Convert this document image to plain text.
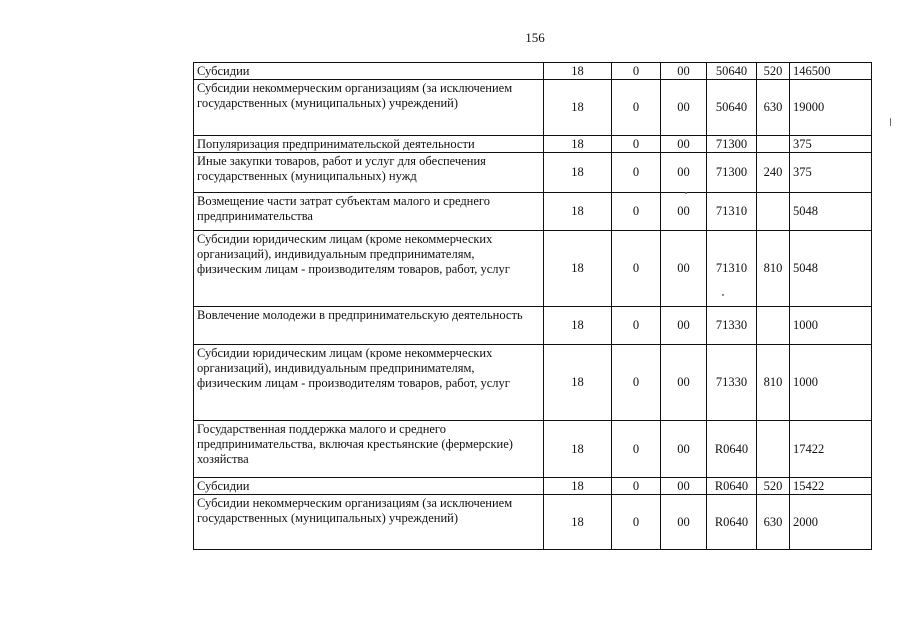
156
Субсидии	18	0	00	50640	520	146500
Субсидии некоммерческим организациям (за исключением государственных (муниципальных) учреждений)	18	0	00	50640	630	19000
Популяризация предпринимательской деятельности	18	0	00	71300		375
Иные закупки товаров, работ и услуг для обеспечения государственных (муниципальных) нужд	18	0	00	71300	240	375
Возмещение части затрат субъектам малого и среднего предпринимательства	18	0	00	71310		5048
Субсидии юридическим лицам (кроме некоммерческих организаций), индивидуальным предпринимателям, физическим лицам - производителям товаров, работ, услуг	18	0	00	71310	810	5048
Вовлечение молодежи в предпринимательскую деятельность	18	0	00	71330		1000
Субсидии юридическим лицам (кроме некоммерческих организаций), индивидуальным предпринимателям, физическим лицам - производителям товаров, работ, услуг	18	0	00	71330	810	1000
Государственная поддержка малого и среднего предпринимательства, включая крестьянские (фермерские) хозяйства	18	0	00	R0640		17422
Субсидии	18	0	00	R0640	520	15422
Субсидии некоммерческим организациям (за исключением государственных (муниципальных) учреждений)	18	0	00	R0640	630	2000
